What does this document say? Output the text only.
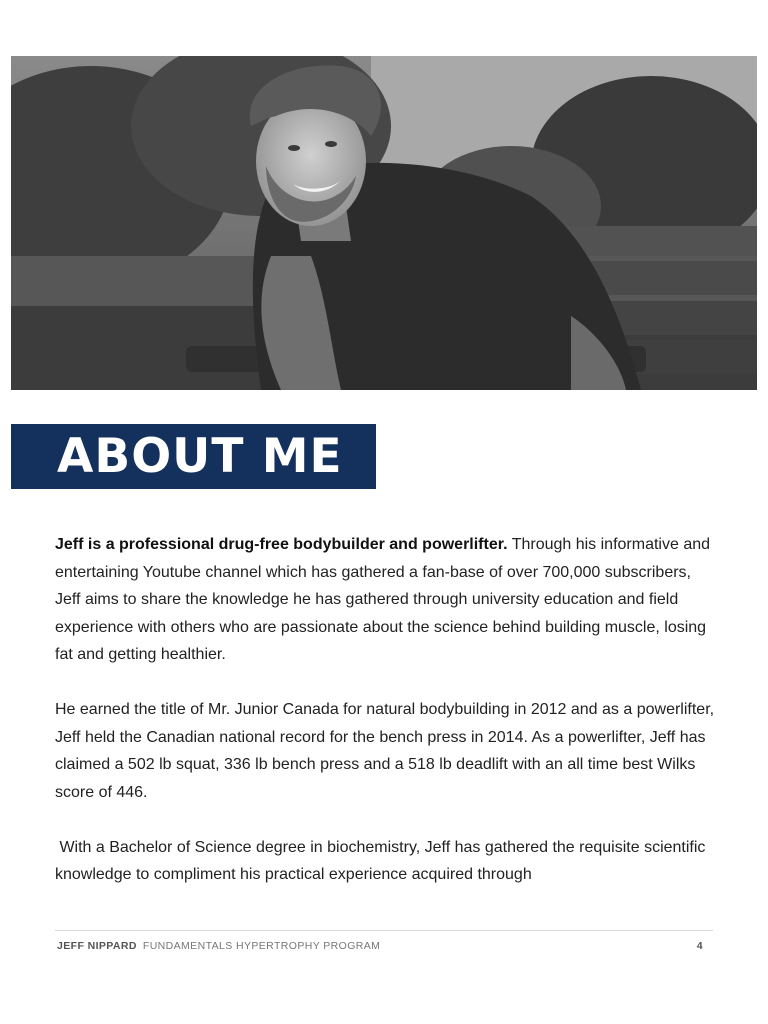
ABOUT ME

Jeff is a professional drug-free bodybuilder and powerlifter. Through his informative and entertaining Youtube channel which has gathered a fan-base of over 700,000 subscribers, Jeff aims to share the knowledge he has gathered through university education and field experience with others who are passionate about the science behind building muscle, losing fat and getting healthier.

He earned the title of Mr. Junior Canada for natural bodybuilding in 2012 and as a powerlifter, Jeff held the Canadian national record for the bench press in 2014. As a powerlifter, Jeff has claimed a 502 lb squat, 336 lb bench press and a 518 lb deadlift with an all time best Wilks score of 446.

With a Bachelor of Science degree in biochemistry, Jeff has gathered the requisite scientific knowledge to compliment his practical experience acquired through

JEFF NIPPARD FUNDAMENTALS HYPERTROPHY PROGRAM	4
